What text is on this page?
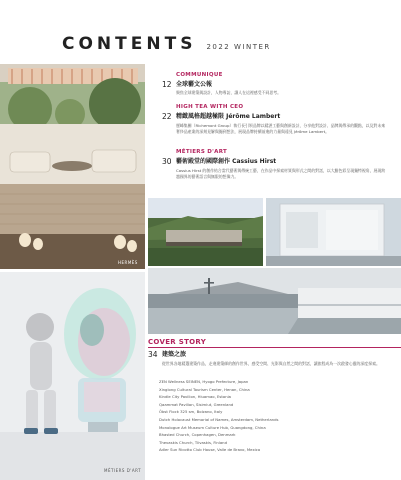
CONTENTS 2022 WINTER
HERMÈS
MÉTIERS D'ART
COMMUNIQUE
12 全球藝文公報
聚焦全球建築與設計，人物專訪，讓人在這裡感受不同思考。
HIGH TEA WITH CEO
22 精緻風格超越極限 Jérôme Lambert
歷峰集團（Richemont Group）執行長引領品牌以精湛工藝與創新設計，分享他對設計、品牌與傳承的觀點，以及對未來奢侈品產業的深刻見解與獨到想法，展現品牌持續前進的力量與遠見 Jérôme Lambert。
MÉTIERS D'ART
30 藝術殿堂的國際創作 Cassius Hirst
Cassius Hirst 的創作結合當代藝術與傳統工藝，在作品中探索材質與形式之間的對話，以大膽色彩呈現獨特視角，展現跨越國界的藝術語言與無限的想像力。
COVER STORY
34 建築之旅
從世界各地精選建築作品，走進建築師的創作世界，感受空間、光影與自然之間的對話，讓旅程成為一次啟發心靈的深度探索。
ZEN Wellness SEINEN, Hyogo Prefecture, Japan
Xinglong Cultural Tourism Center, Henan, China
Kindle City Pavilion, Hiuamao, Estonia
Qaammat Pavilion, Sisimiut, Greenland
Öbst Flock 325 sm, Bolzano, Italy
Dutch Holocaust Memorial of Names, Amsterdam, Netherlands
Monologue Art Museum Culture Hub, Guangdong, China
Bhasted Church, Copenhagen, Denmark
Thevaskis Church, Tiivaskis, Finland
Adler Sun Ricotto Club House, Valle de Bravo, Mexico
